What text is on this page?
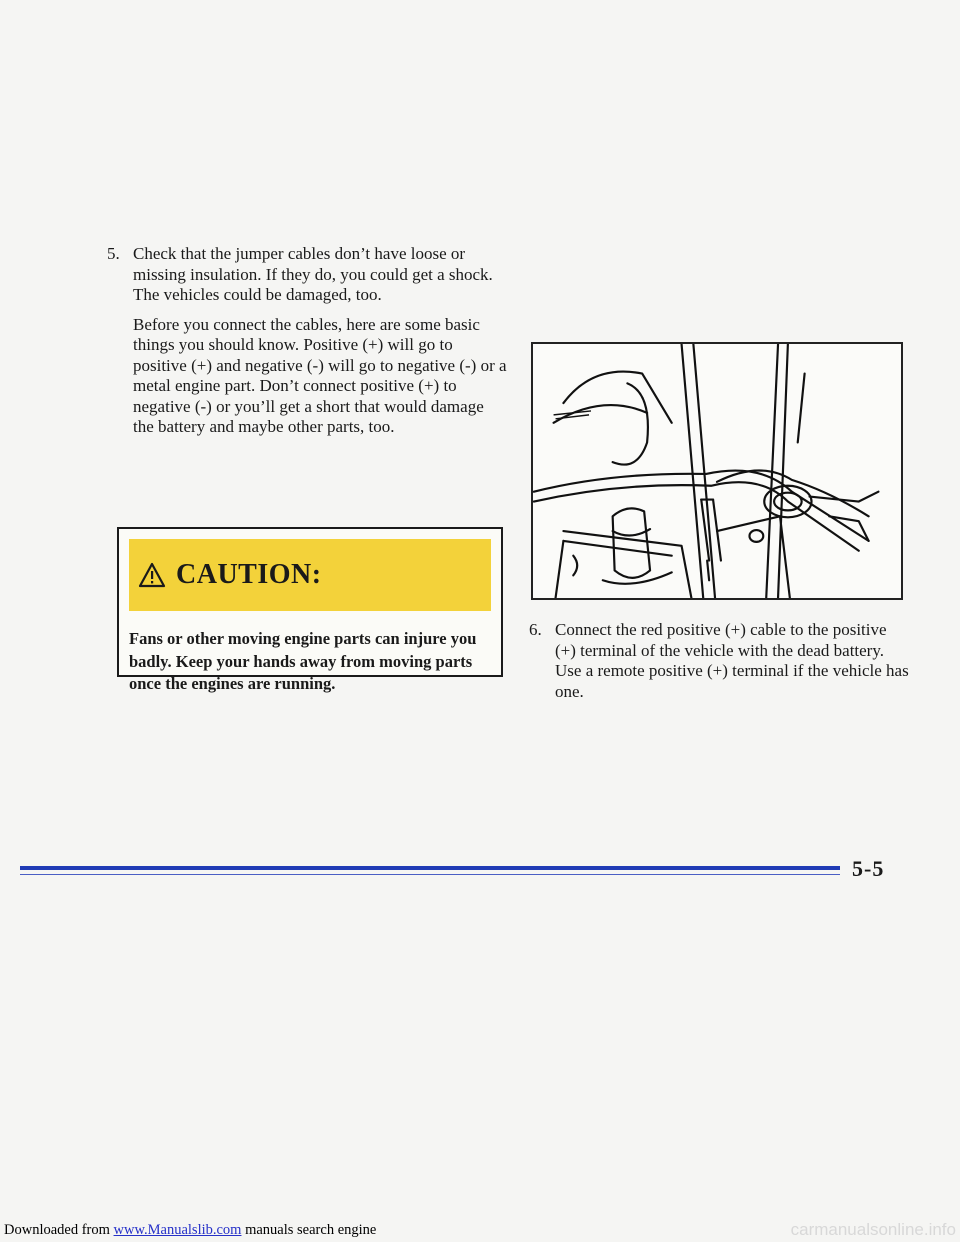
5. Check that the jumper cables don’t have loose or missing insulation. If they do, you could get a shock. The vehicles could be damaged, too.

Before you connect the cables, here are some basic things you should know. Positive (+) will go to positive (+) and negative (-) will go to negative (-) or a metal engine part. Don’t connect positive (+) to negative (-) or you’ll get a short that would damage the battery and maybe other parts, too.

CAUTION:
Fans or other moving engine parts can injure you badly. Keep your hands away from moving parts once the engines are running.
6. Connect the red positive (+) cable to the positive (+) terminal of the vehicle with the dead battery. Use a remote positive (+) terminal if the vehicle has one.
5-5
Downloaded from www.Manualslib.com manuals search engine	carmanualsonline.info
